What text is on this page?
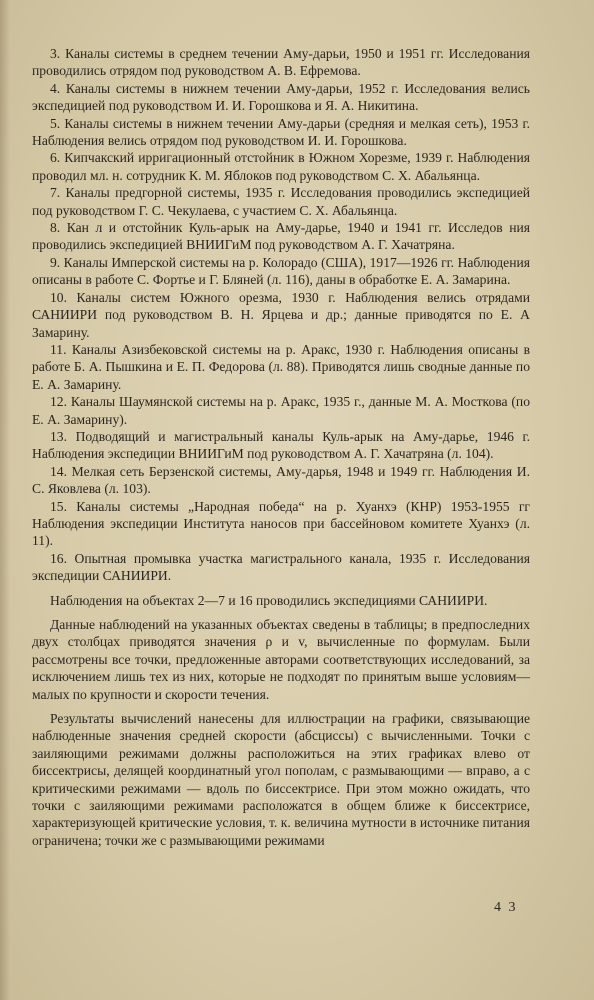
3. Каналы системы в среднем течении Аму-дарьи, 1950 и 1951 гг. Исследования проводились отрядом под руководством А. В. Ефремова.

4. Каналы системы в нижнем течении Аму-дарьи, 1952 г. Исследования велись экспедицией под руководством И. И. Горошкова и Я. А. Никитина.

5. Каналы системы в нижнем течении Аму-дарьи (средняя и мелкая сеть), 1953 г. Наблюдения велись отрядом под руководством И. И. Горошкова.

6. Кипчакский ирригационный отстойник в Южном Хорезме, 1939 г. Наблюдения проводил мл. н. сотрудник К. М. Яблоков под руководством С. Х. Абальянца.

7. Каналы предгорной системы, 1935 г. Исследования проводились экспедицией под руководством Г. С. Чекулаева, с участием С. Х. Абальянца.

8. Кан л и отстойник Куль-арык на Аму-дарье, 1940 и 1941 гг. Исследов ния проводились экспедицией ВНИИГиМ под руководством А. Г. Хачатряна.

9. Каналы Имперской системы на р. Колорадо (США), 1917—1926 гг. Наблюдения описаны в работе С. Фортье и Г. Бляней (л. 116), даны в обработке Е. А. Замарина.

10. Каналы систем Южного орезма, 1930 г. Наблюдения велись отрядами САНИИРИ под руководством В. Н. Ярцева и др.; данные приводятся по Е. А Замарину.

11. Каналы Азизбековской системы на р. Аракс, 1930 г. Наблюдения описаны в работе Б. А. Пышкина и Е. П. Федорова (л. 88). Приводятся лишь сводные данные по Е. А. Замарину.

12. Каналы Шаумянской системы на р. Аракс, 1935 г., данные М. А. Мосткова (по Е. А. Замарину).

13. Подводящий и магистральный каналы Куль-арык на Аму-дарье, 1946 г. Наблюдения экспедиции ВНИИГиМ под руководством А. Г. Хачатряна (л. 104).

14. Мелкая сеть Берзенской системы, Аму-дарья, 1948 и 1949 гг. Наблюдения И. С. Яковлева (л. 103).

15. Каналы системы „Народная победа“ на р. Хуанхэ (КНР) 1953-1955 гг Наблюдения экспедиции Института наносов при бассейновом комитете Хуанхэ (л. 11).

16. Опытная промывка участка магистрального канала, 1935 г. Исследования экспедиции САНИИРИ.

Наблюдения на объектах 2—7 и 16 проводились экспедициями САНИИРИ.

Данные наблюдений на указанных объектах сведены в таблицы; в предпоследних двух столбцах приводятся значения ρ и v, вычисленные по формулам. Были рассмотрены все точки, предложенные авторами соответствующих исследований, за исключением лишь тех из них, которые не подходят по принятым выше условиям— малых по крупности и скорости течения.

Результаты вычислений нанесены для иллюстрации на графики, связывающие наблюденные значения средней скорости (абсциссы) с вычисленными. Точки с заиляющими режимами должны расположиться на этих графиках влево от биссектрисы, делящей координатный угол пополам, с размывающими — вправо, а с критическими режимами — вдоль по биссектрисе. При этом можно ожидать, что точки с заиляющими режимами расположатся в общем ближе к биссектрисе, характеризующей критические условия, т. к. величина мутности в источнике питания ограничена; точки же с размывающими режимами

4 3
